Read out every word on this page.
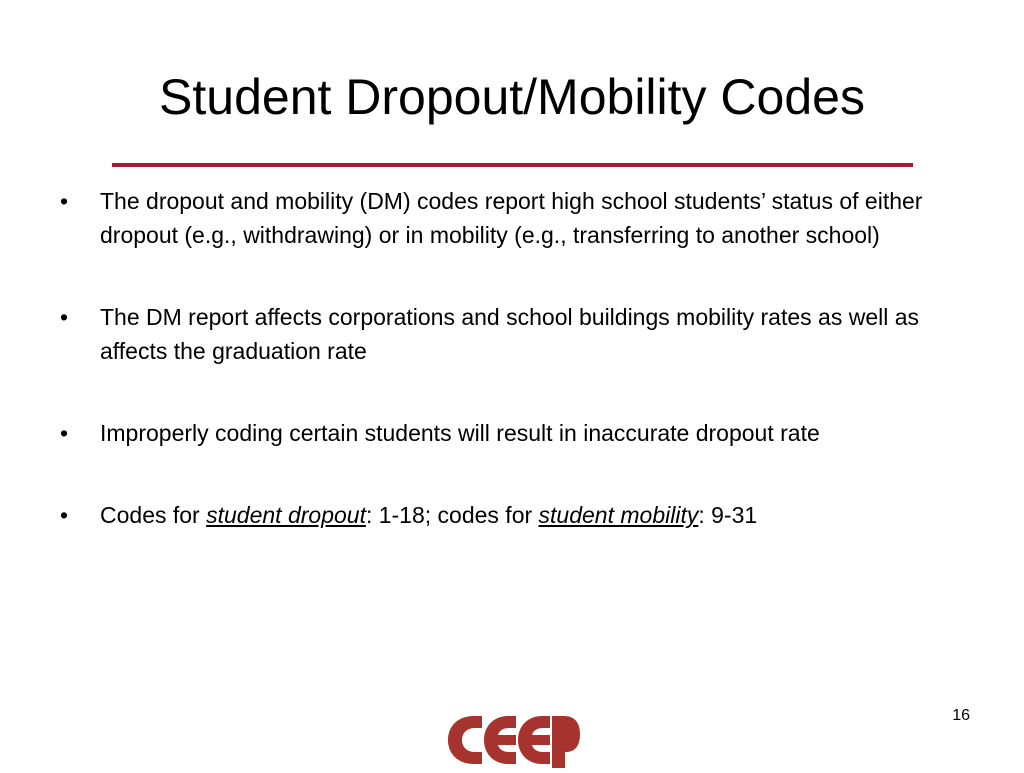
Student Dropout/Mobility Codes
•	The dropout and mobility (DM) codes report high school students’ status of either dropout (e.g., withdrawing) or in mobility (e.g., transferring to another school)
•	The DM report affects corporations and school buildings mobility rates as well as affects the graduation rate
•	Improperly coding certain students will result in inaccurate dropout rate
•	Codes for student dropout: 1-18; codes for student mobility: 9-31
16
